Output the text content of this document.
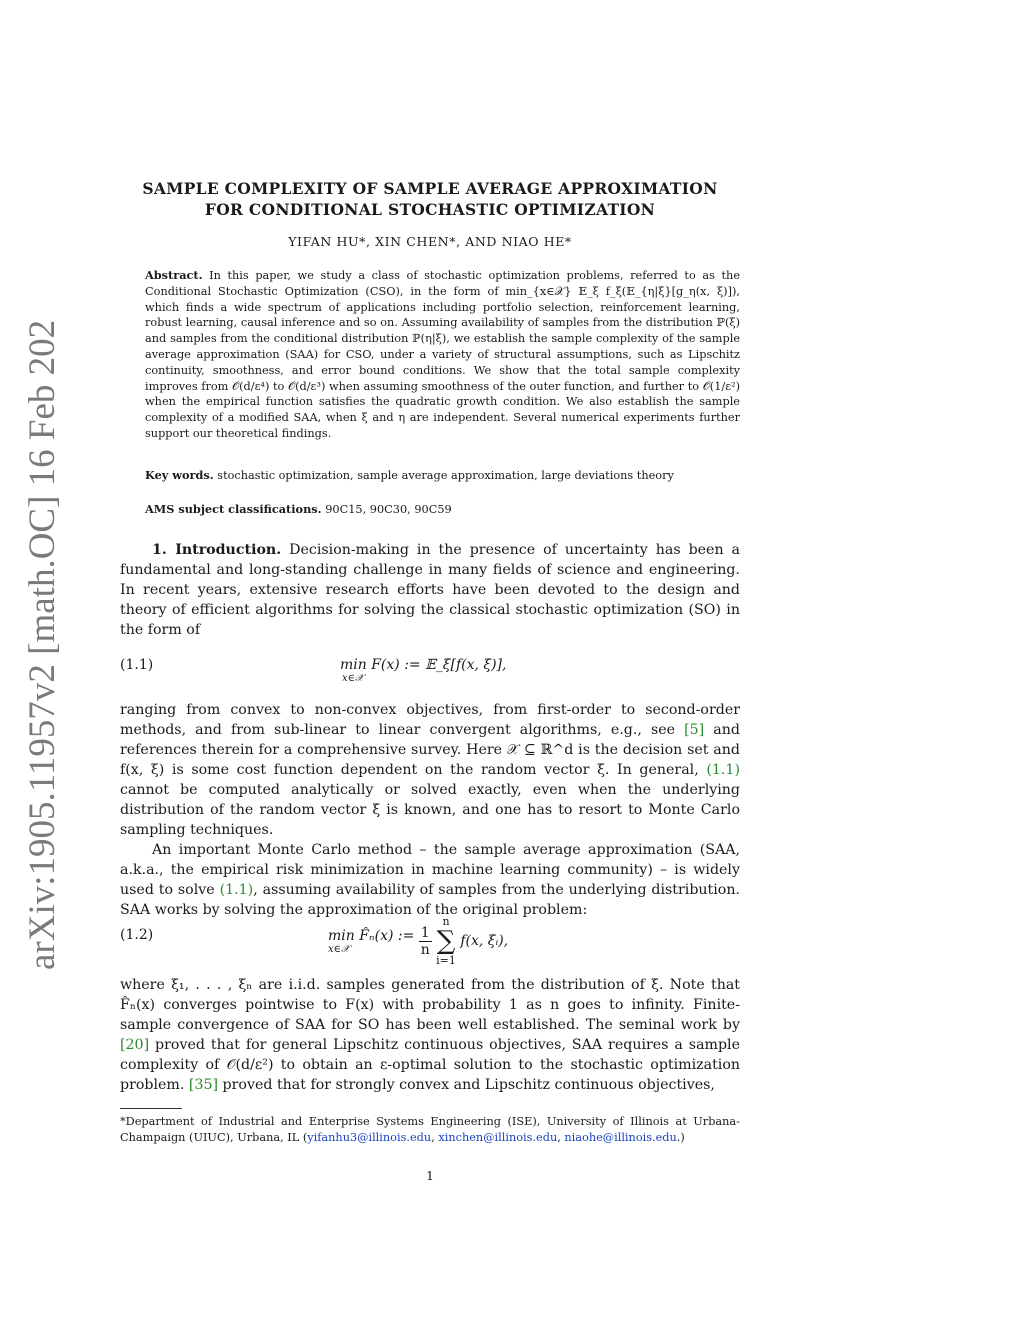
arXiv:1905.11957v2 [math.OC] 16 Feb 2020
SAMPLE COMPLEXITY OF SAMPLE AVERAGE APPROXIMATION
FOR CONDITIONAL STOCHASTIC OPTIMIZATION
YIFAN HU*, XIN CHEN*, AND NIAO HE*
Abstract. In this paper, we study a class of stochastic optimization problems, referred to as the Conditional Stochastic Optimization (CSO), in the form of min_{x∈𝒳} 𝔼_ξ f_ξ(𝔼_{η|ξ}[g_η(x, ξ)]), which finds a wide spectrum of applications including portfolio selection, reinforcement learning, robust learning, causal inference and so on. Assuming availability of samples from the distribution ℙ(ξ) and samples from the conditional distribution ℙ(η|ξ), we establish the sample complexity of the sample average approximation (SAA) for CSO, under a variety of structural assumptions, such as Lipschitz continuity, smoothness, and error bound conditions. We show that the total sample complexity improves from 𝒪(d/ε⁴) to 𝒪(d/ε³) when assuming smoothness of the outer function, and further to 𝒪(1/ε²) when the empirical function satisfies the quadratic growth condition. We also establish the sample complexity of a modified SAA, when ξ and η are independent. Several numerical experiments further support our theoretical findings.
Key words. stochastic optimization, sample average approximation, large deviations theory
AMS subject classifications. 90C15, 90C30, 90C59

1. Introduction. Decision-making in the presence of uncertainty has been a fundamental and long-standing challenge in many fields of science and engineering. In recent years, extensive research efforts have been devoted to the design and theory of efficient algorithms for solving the classical stochastic optimization (SO) in the form of

(1.1)	min F(x) := 𝔼_ξ[f(x, ξ)],
x∈𝒳

ranging from convex to non-convex objectives, from first-order to second-order methods, and from sub-linear to linear convergent algorithms, e.g., see [5] and references therein for a comprehensive survey. Here 𝒳 ⊆ ℝ^d is the decision set and f(x, ξ) is some cost function dependent on the random vector ξ. In general, (1.1) cannot be computed analytically or solved exactly, even when the underlying distribution of the random vector ξ is known, and one has to resort to Monte Carlo sampling techniques.

An important Monte Carlo method – the sample average approximation (SAA, a.k.a., the empirical risk minimization in machine learning community) – is widely used to solve (1.1), assuming availability of samples from the underlying distribution. SAA works by solving the approximation of the original problem:

(1.2)	min F̂ₙ(x) :=
x∈𝒳
	$\frac{1}{n}$
n
∑
i=1 f(x, ξᵢ),

where ξ₁, . . . , ξₙ are i.i.d. samples generated from the distribution of ξ. Note that F̂ₙ(x) converges pointwise to F(x) with probability 1 as n goes to infinity. Finite-sample convergence of SAA for SO has been well established. The seminal work by [20] proved that for general Lipschitz continuous objectives, SAA requires a sample complexity of 𝒪(d/ε²) to obtain an ε-optimal solution to the stochastic optimization problem. [35] proved that for strongly convex and Lipschitz continuous objectives,

*Department of Industrial and Enterprise Systems Engineering (ISE), University of Illinois at Urbana-Champaign (UIUC), Urbana, IL (yifanhu3@illinois.edu, xinchen@illinois.edu, niaohe@illinois.edu.)
1
